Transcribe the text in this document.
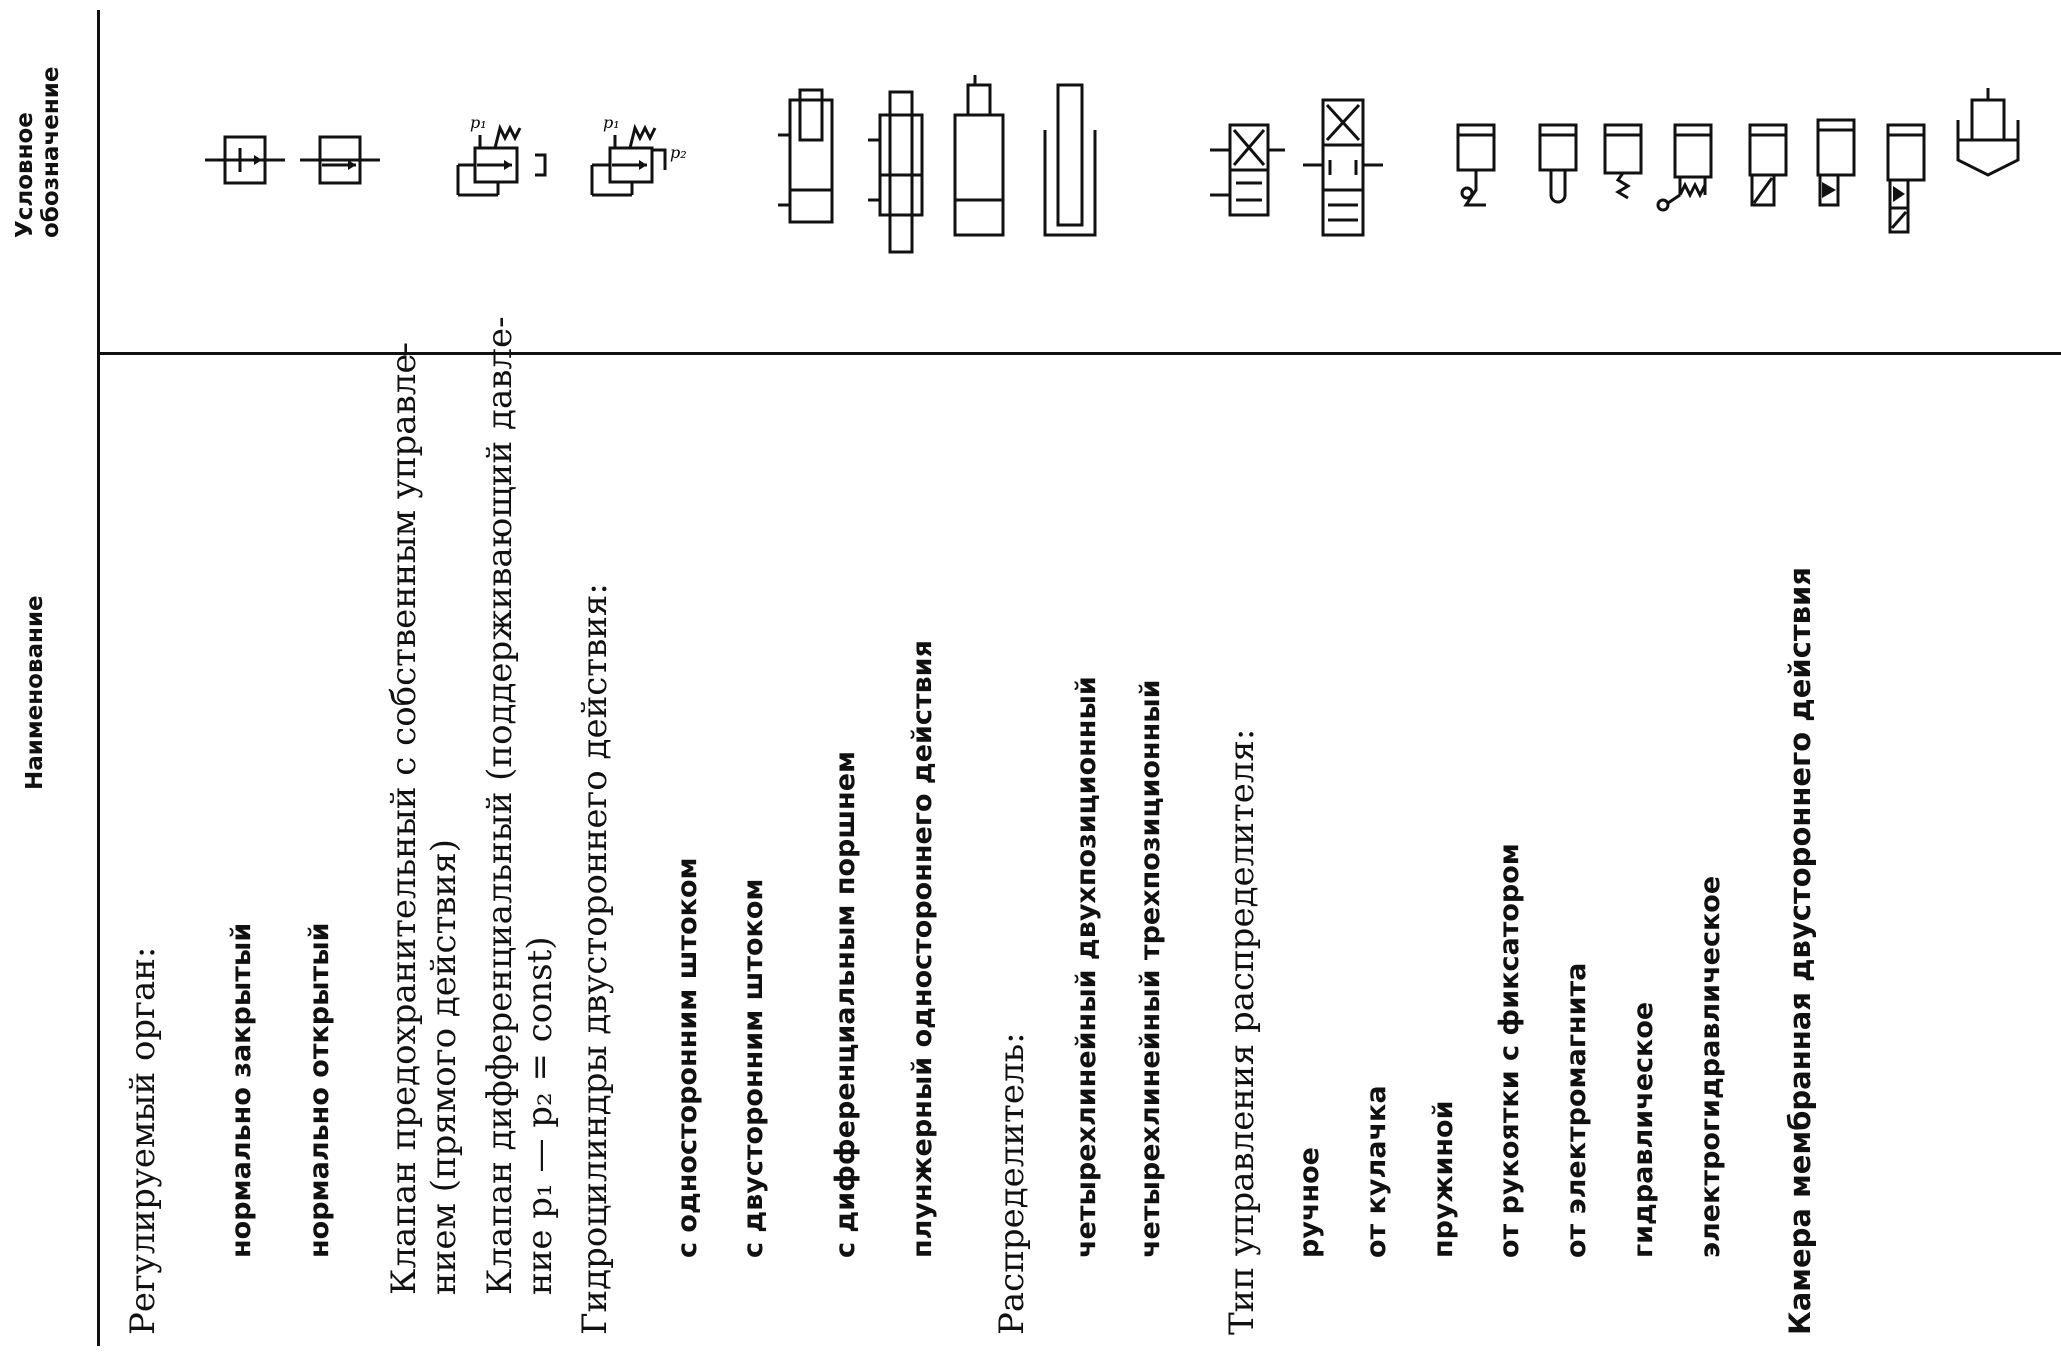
Наименование
Условное обозначение
Регулируемый орган: нормально закрытый нормально открытый Клапан предохранительный с собственным управле- нием (прямого действия) Клапан дифференциальный (поддерживающий давле- ние p₁ — p₂ = const) Гидроцилиндры двустороннего действия: с односторонним штоком с двусторонним штоком с дифференциальным поршнем плунжерный одностороннего действия Распределитель: четырехлинейный двухпозиционный четырехлинейный трехпозиционный Тип управления распределителя: ручное от кулачка пружиной от рукоятки с фиксатором от электромагнита гидравлическое электрогидравлическое Камера мембранная двустороннего действия
p₁	p₁
p₂
